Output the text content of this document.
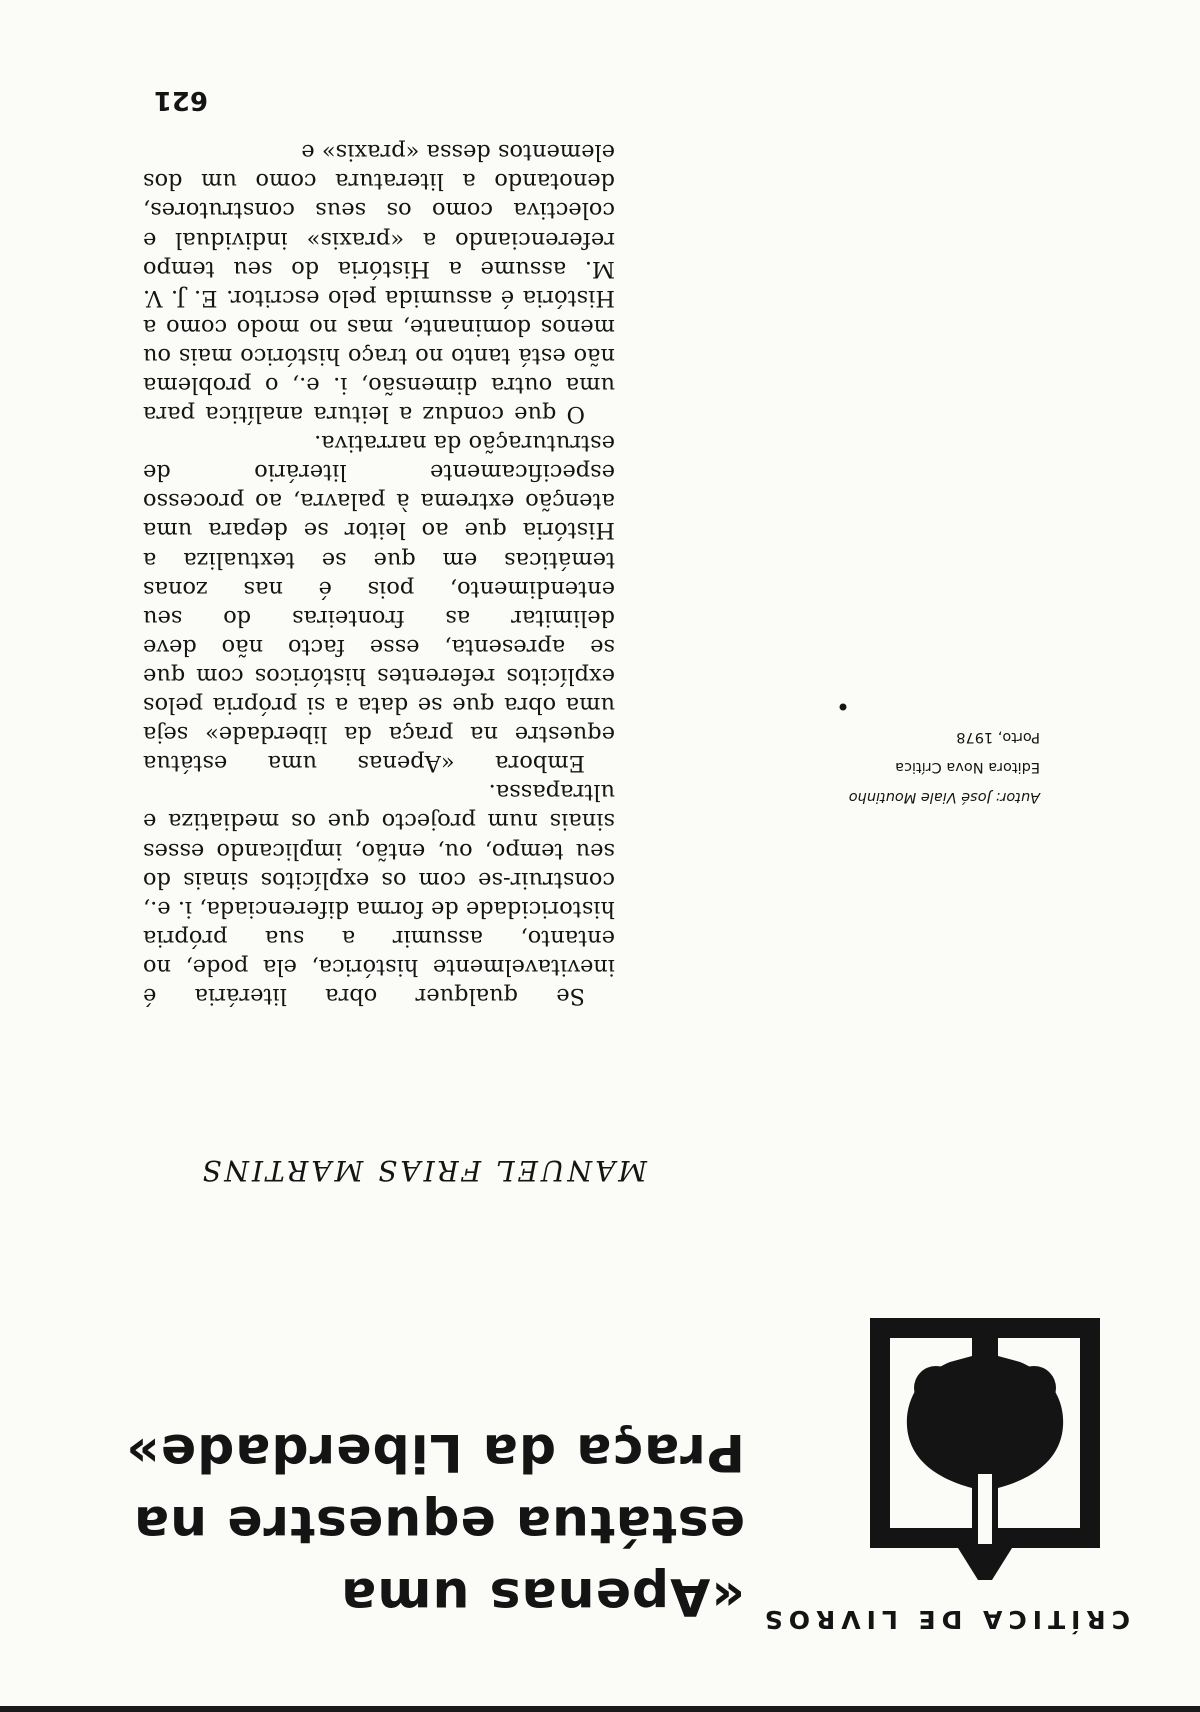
CRÍTICA DE LIVROS
Autor: José Viale Moutinho
Editora Nova Crítica
Porto, 1978
«Apenas uma estátua equestre na Praça da Liberdade»
MANUEL FRIAS MARTINS

Se qualquer obra literária é inevitavelmente histórica, ela pode, no entanto, assumir a sua própria historicidade de forma diferenciada, i. e., construir-se com os explícitos sinais do seu tempo, ou, então, implicando esses sinais num projecto que os mediatiza e ultrapassa.

Embora «Apenas uma estátua equestre na praça da liberdade» seja uma obra que se data a si própria pelos explícitos referentes históricos com que se apresenta, esse facto não deve delimitar as fronteiras do seu entendimento, pois é nas zonas temáticas em que se textualiza a História que ao leitor se depara uma atenção extrema à palavra, ao processo especificamente literário de estruturação da narrativa.

O que conduz a leitura analítica para uma outra dimensão, i. e., o problema não está tanto no traço histórico mais ou menos dominante, mas no modo como a História é assumida pelo escritor. E. J. V. M. assume a História do seu tempo referenciando a «praxis» individual e colectiva como os seus construtores, denotando a literatura como um dos elementos dessa «praxis» e

621
